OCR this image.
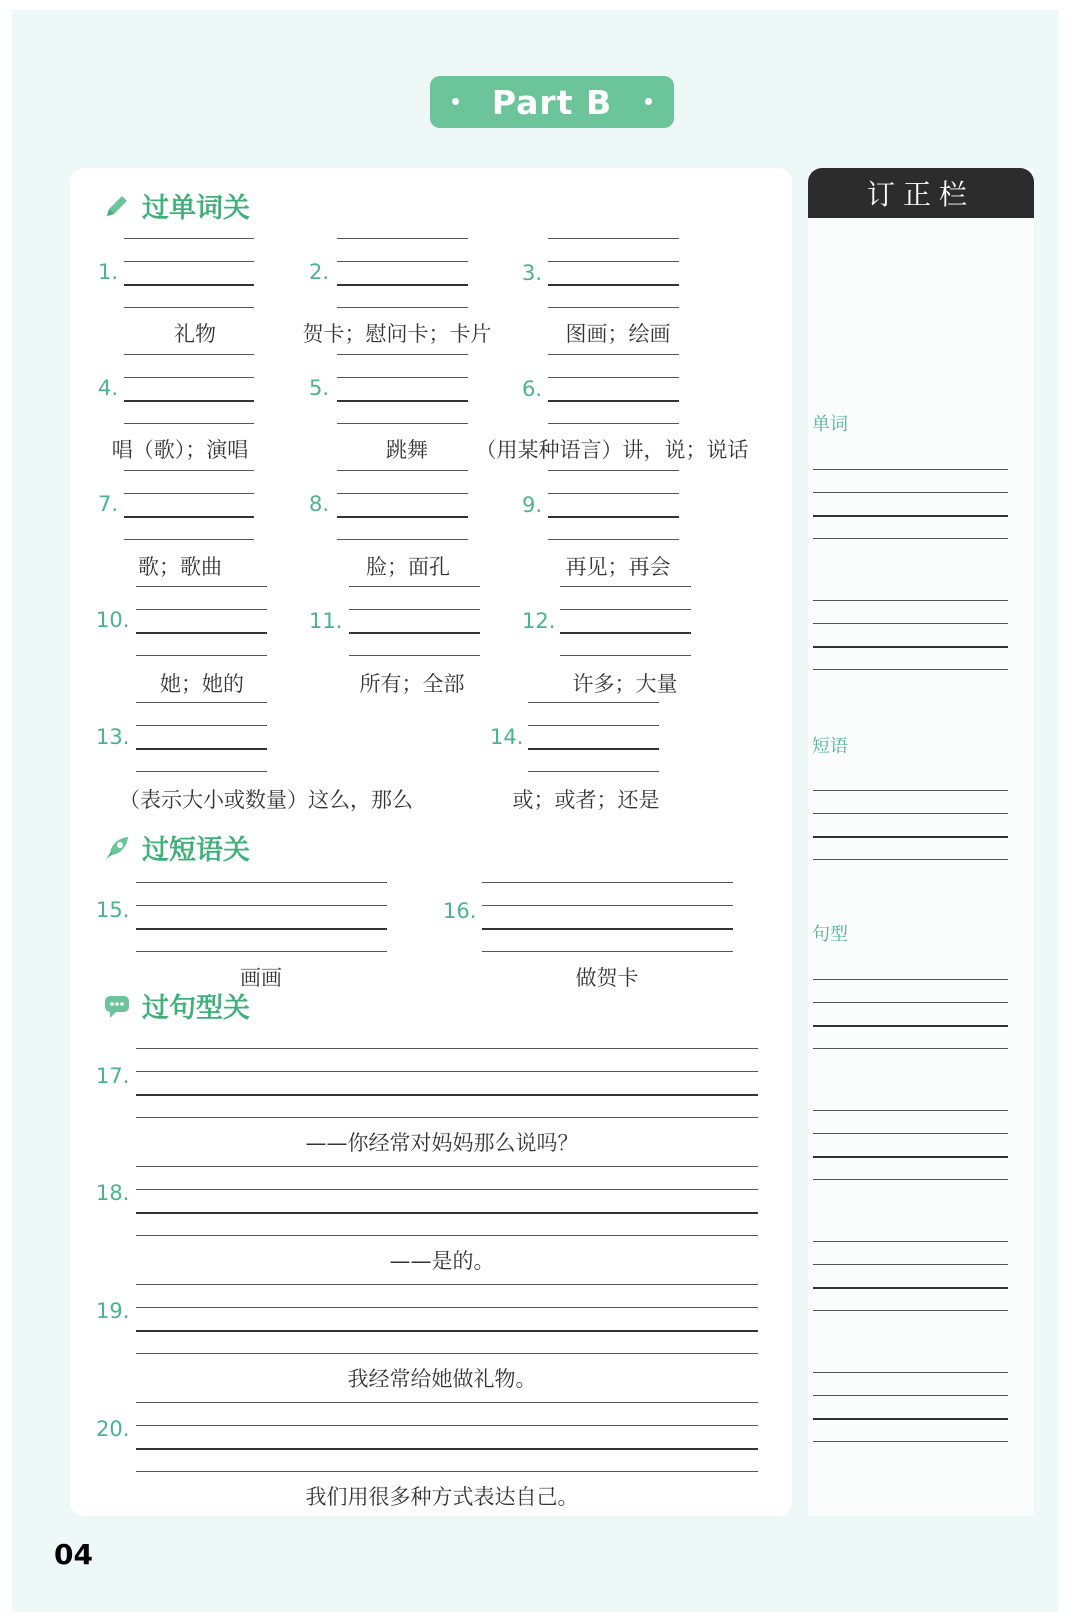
Part B
订正栏
过单词关
过短语关
过句型关
1.
礼物
2.
贺卡；慰问卡；卡片
3.
图画；绘画
4.
唱（歌）；演唱
5.
跳舞
6.
（用某种语言）讲，说；说话
7.
歌；歌曲
8.
脸；面孔
9.
再见；再会
10.
她；她的
11.
所有；全部
12.
许多；大量
13.
（表示大小或数量）这么，那么
14.
或；或者；还是
15.
画画
16.
做贺卡
17.
——你经常对妈妈那么说吗？
18.
——是的。
19.
我经常给她做礼物。
20.
我们用很多种方式表达自己。
单词
短语
句型
04
